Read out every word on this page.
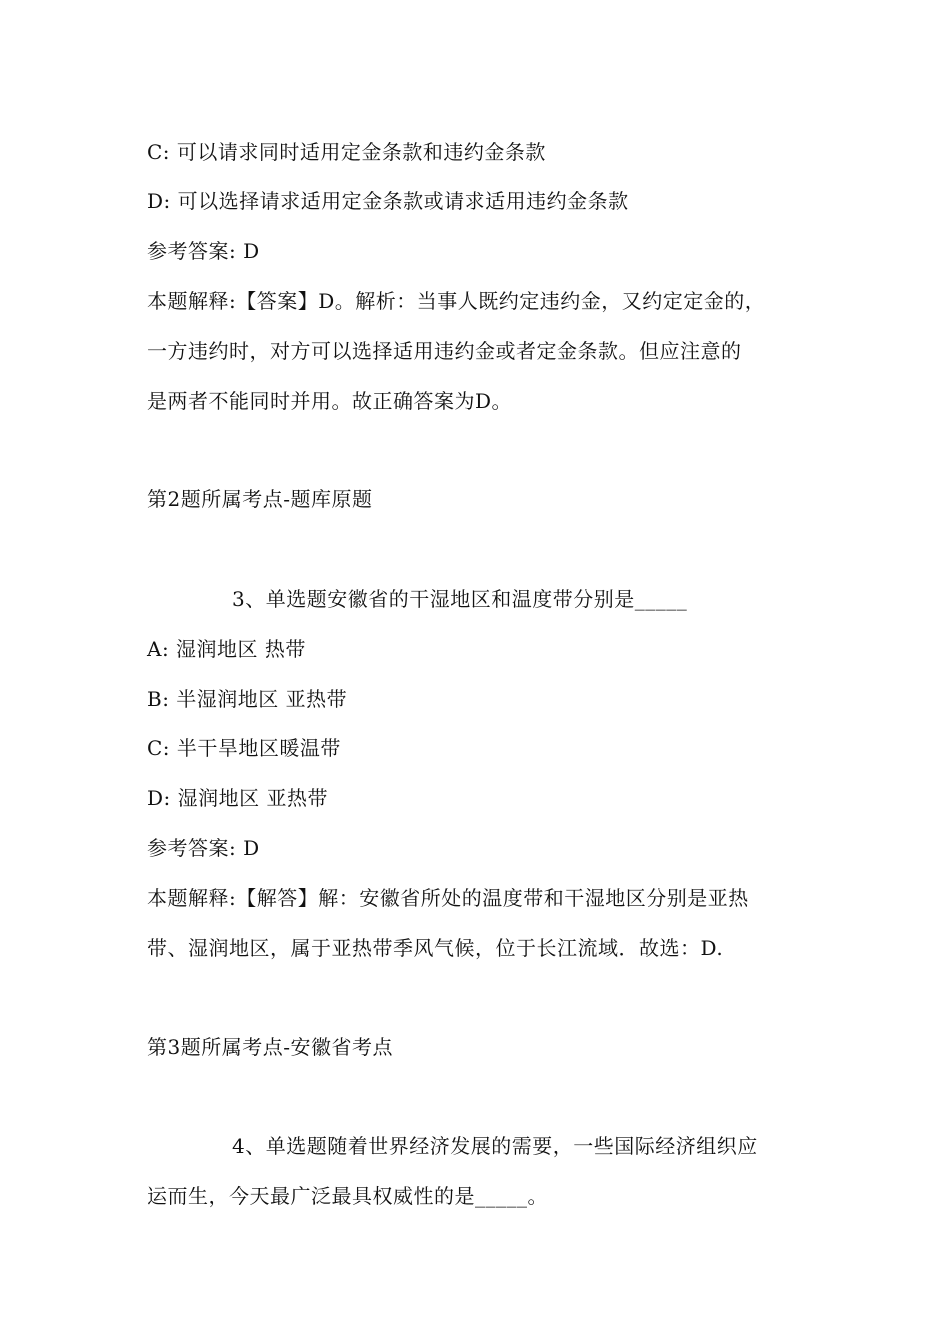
C: 可以请求同时适用定金条款和违约金条款
D: 可以选择请求适用定金条款或请求适用违约金条款
参考答案: D
本题解释:【答案】D。解析：当事人既约定违约金，又约定定金的，
一方违约时，对方可以选择适用违约金或者定金条款。但应注意的
是两者不能同时并用。故正确答案为D。
第2题所属考点-题库原题
3、单选题安徽省的干湿地区和温度带分别是_____
A: 湿润地区 热带
B: 半湿润地区 亚热带
C: 半干旱地区暖温带
D: 湿润地区 亚热带
参考答案: D
本题解释:【解答】解：安徽省所处的温度带和干湿地区分别是亚热
带、湿润地区，属于亚热带季风气候，位于长江流域．故选：D.
第3题所属考点-安徽省考点
4、单选题随着世界经济发展的需要，一些国际经济组织应
运而生，今天最广泛最具权威性的是_____。
